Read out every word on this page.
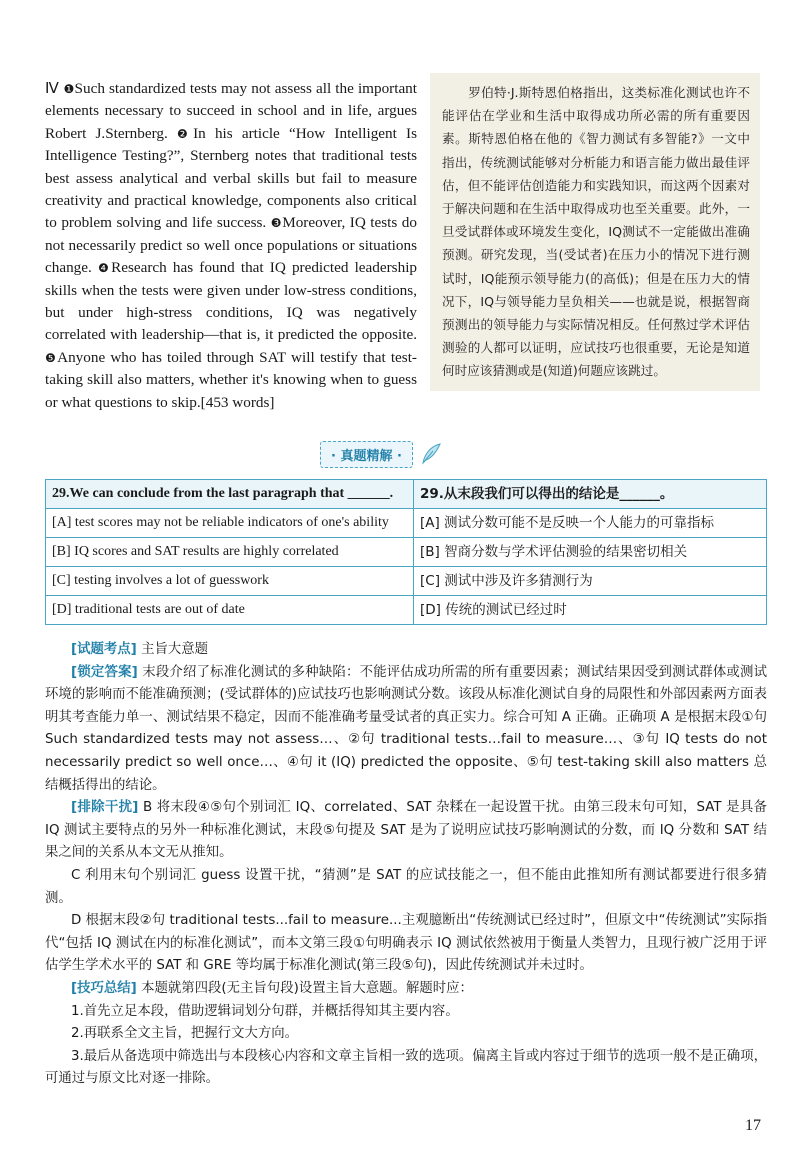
Ⅳ ❶Such standardized tests may not assess all the important elements necessary to succeed in school and in life, argues Robert J.Sternberg. ❷In his article “How Intelligent Is Intelligence Testing?”, Sternberg notes that traditional tests best assess analytical and verbal skills but fail to measure creativity and practical knowledge, components also critical to problem solving and life success. ❸Moreover, IQ tests do not necessarily predict so well once populations or situations change. ❹Research has found that IQ predicted leadership skills when the tests were given under low-stress conditions, but under high-stress conditions, IQ was negatively correlated with leadership—that is, it predicted the opposite. ❺Anyone who has toiled through SAT will testify that test-taking skill also matters, whether it's knowing when to guess or what questions to skip.[453 words]
罗伯特·J.斯特恩伯格指出，这类标准化测试也许不能评估在学业和生活中取得成功所必需的所有重要因素。斯特恩伯格在他的《智力测试有多智能?》一文中指出，传统测试能够对分析能力和语言能力做出最佳评估，但不能评估创造能力和实践知识，而这两个因素对于解决问题和在生活中取得成功也至关重要。此外，一旦受试群体或环境发生变化，IQ测试不一定能做出准确预测。研究发现，当(受试者)在压力小的情况下进行测试时，IQ能预示领导能力(的高低)；但是在压力大的情况下，IQ与领导能力呈负相关——也就是说，根据智商预测出的领导能力与实际情况相反。任何熬过学术评估测验的人都可以证明，应试技巧也很重要，无论是知道何时应该猜测或是(知道)何题应该跳过。
· 真题精解 ·
29.We can conclude from the last paragraph that ______.	29.从末段我们可以得出的结论是______。
[A] test scores may not be reliable indicators of one's ability	[A] 测试分数可能不是反映一个人能力的可靠指标
[B] IQ scores and SAT results are highly correlated	[B] 智商分数与学术评估测验的结果密切相关
[C] testing involves a lot of guesswork	[C] 测试中涉及许多猜测行为
[D] traditional tests are out of date	[D] 传统的测试已经过时

[试题考点] 主旨大意题

[锁定答案] 末段介绍了标准化测试的多种缺陷：不能评估成功所需的所有重要因素；测试结果因受到测试群体或测试环境的影响而不能准确预测；(受试群体的)应试技巧也影响测试分数。该段从标准化测试自身的局限性和外部因素两方面表明其考查能力单一、测试结果不稳定，因而不能准确考量受试者的真正实力。综合可知 A 正确。正确项 A 是根据末段①句 Such standardized tests may not assess…、②句 traditional tests…fail to measure…、③句 IQ tests do not necessarily predict so well once…、④句 it (IQ) predicted the opposite、⑤句 test-taking skill also matters 总结概括得出的结论。

[排除干扰] B 将末段④⑤句个别词汇 IQ、correlated、SAT 杂糅在一起设置干扰。由第三段末句可知，SAT 是具备 IQ 测试主要特点的另外一种标准化测试，末段⑤句提及 SAT 是为了说明应试技巧影响测试的分数，而 IQ 分数和 SAT 结果之间的关系从本文无从推知。

C 利用末句个别词汇 guess 设置干扰，“猜测”是 SAT 的应试技能之一，但不能由此推知所有测试都要进行很多猜测。

D 根据末段②句 traditional tests...fail to measure...主观臆断出“传统测试已经过时”，但原文中“传统测试”实际指代“包括 IQ 测试在内的标准化测试”，而本文第三段①句明确表示 IQ 测试依然被用于衡量人类智力，且现行被广泛用于评估学生学术水平的 SAT 和 GRE 等均属于标准化测试(第三段⑤句)，因此传统测试并未过时。

[技巧总结] 本题就第四段(无主旨句段)设置主旨大意题。解题时应：

1.首先立足本段，借助逻辑词划分句群，并概括得知其主要内容。

2.再联系全文主旨，把握行文大方向。

3.最后从备选项中筛选出与本段核心内容和文章主旨相一致的选项。偏离主旨或内容过于细节的选项一般不是正确项，可通过与原文比对逐一排除。

17
